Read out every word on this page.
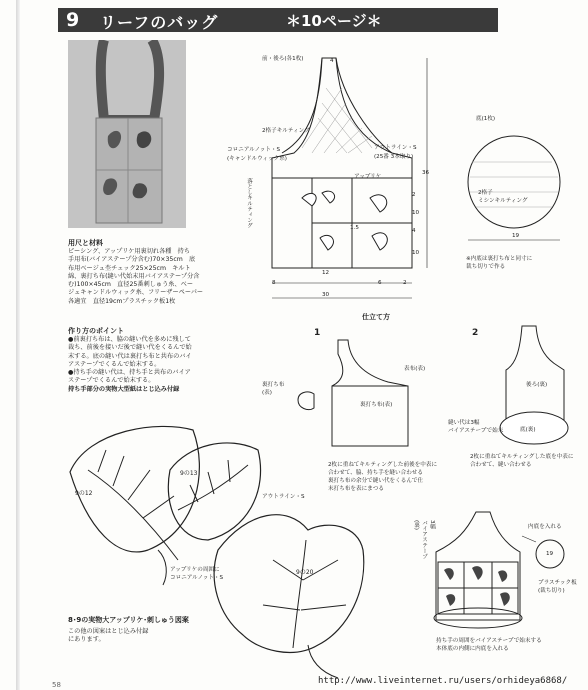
9 リーフのバッグ	＊10ページ＊
用尺と材料
ピーシング、アップリケ用裏切れ各種　持ち
手用布(バイアステープ分含む)70×35cm　底
布用ベージュ杢チェック25×25cm　キルト
綿、裏打ち布(縫い代始末用バイアステープ分含
む)100×45cm　直径25番刺しゅう糸、ベー
ジュキャンドルウィック糸、フリーザーペーパー
各適宜　直径19cmプラスチック板1枚
作り方のポイント
●前裏打ち布は、脇の縫い代を多めに残して
裁ち、前後を接いだ後で縫い代をくるんで始
末する。底の縫い代は裏打ち布と共布のバイ
アステープでくるんで始末する。
●持ち手の縫い代は、持ち手と共布のバイア
ステープでくるんで始末する。
持ち手部分の実物大型紙はとじ込み付録
9の12
9の13
9の20
アウトライン・S
アップリケの周囲に
コロニアルノット・S
8･9の実物大アップリケ･刺しゅう図案
この他の図案はとじ込み付録
にあります。
前・後ろ(各1枚)	4
2格子キルティング
コロニアルノット・S
(キャンドルウィック糸)
アウトライン・S
(25番 3本取り)
アップリケ
落としキルティング
36
2
10
10
1.5
12
8	6	2
30
4
底(1枚)
2格子
ミシンキルティング
19
※内底は裏打ち布と同寸に
裁ち切りで作る
仕立て方
1
裏打ち布
(表)
表布(表)
裏打ち布(表)
2枚に重ねてキルティングした前後を中表に
合わせて、脇、持ち手を縫い合わせる
裏打ち布の余分で縫い代をくるんで仕
末打ち布を表にまつる
2
後ろ(裏)
底(裏)
縫い代は3幅
バイアステープで始末
2枚に重ねてキルティングした底を中表に
合わせて、縫い合わせる
3幅
バイアステープ
(裏)	内底を入れる
19
プラスチック板
(裁ち切り)
持ち手の周囲をバイアステープで始末する
本体底の内側に内底を入れる
58	http://www.liveinternet.ru/users/orhideya6868/
